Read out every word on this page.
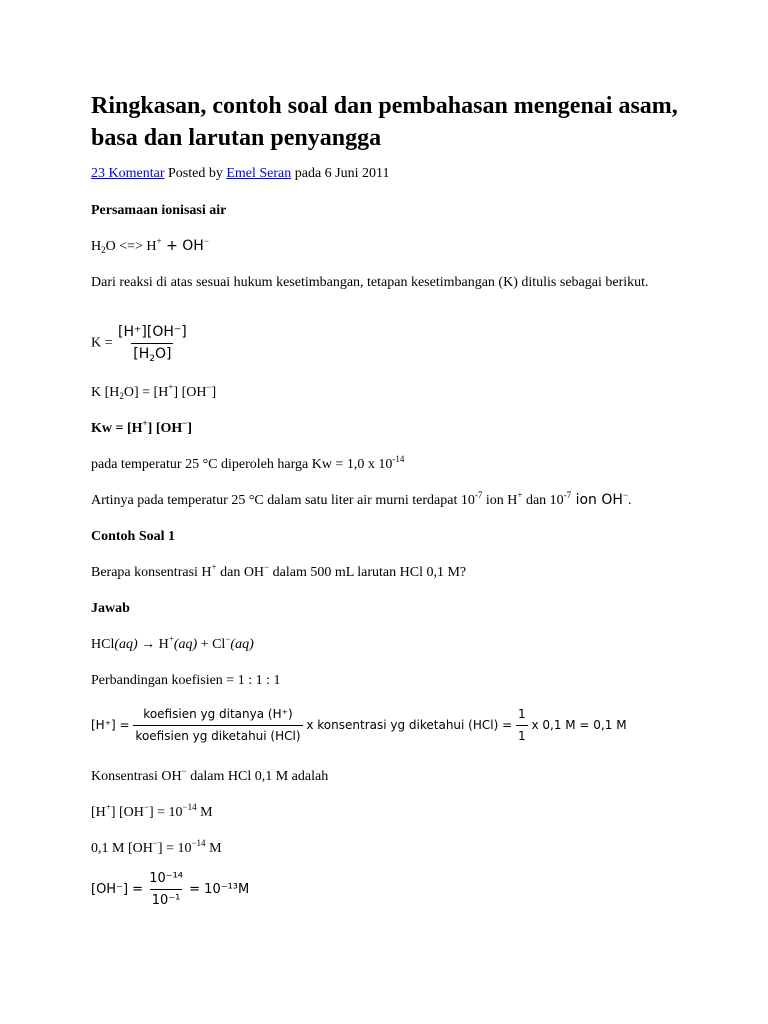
Ringkasan, contoh soal dan pembahasan mengenai asam, basa dan larutan penyangga
23 Komentar Posted by Emel Seran pada 6 Juni 2011
Persamaan ionisasi air
$H_2O$ <=> H+ + OH−
Dari reaksi di atas sesuai hukum kesetimbangan, tetapan kesetimbangan (K) ditulis sebagai berikut.
$K = \frac{[H^+][OH^-]}{[H_2O]}$
K $[H_2O] = [H^+]$ [OH−]
Kw = [H+] [OH−]
pada temperatur 25 °C diperoleh harga Kw = 1,0 x $10^{-14}$
Artinya pada temperatur 25 °C dalam satu liter air murni terdapat $10^{-7}$ ion H+ dan $10^{-7}$ ion OH−.
Contoh Soal 1
Berapa konsentrasi H+ dan OH− dalam 500 mL larutan HCl 0,1 M?
Jawab
HCl(aq) → H+(aq) + Cl−(aq)
Perbandingan koefisien = 1 : 1 : 1
$[H^+] = \frac{\text{koefisien yg ditanya (H⁺)}}{\text{koefisien yg diketahui (HCl)}}$ x konsentrasi yg diketahui $(HCl) = \frac{1}{1}$ x 0,1 M = 0,1 M
Konsentrasi OH− dalam HCl 0,1 M adalah
[H+] $[OH^-] = 10^{-14}$ M
0,1 M $[OH^-] = 10^{-14}$ M
$[OH^-] = \frac{\text{10⁻¹⁴}}{\text{10⁻¹}} = 10^{-13}M$
